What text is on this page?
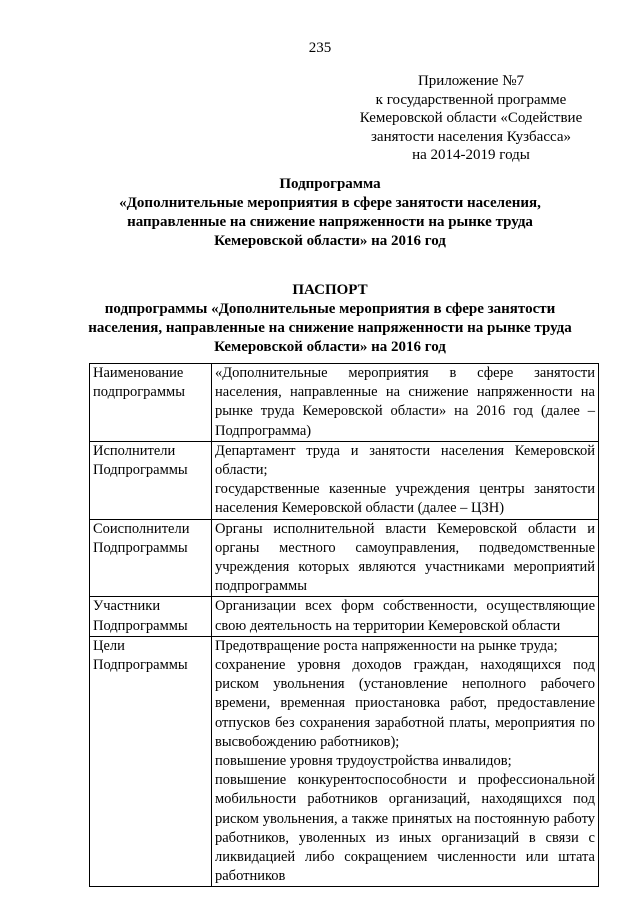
235
Приложение №7
к государственной программе
Кемеровской области «Содействие
занятости населения Кузбасса»
на 2014-2019 годы
Подпрограмма
«Дополнительные мероприятия в сфере занятости населения,
направленные на снижение напряженности на рынке труда
Кемеровской области» на 2016 год
ПАСПОРТ
подпрограммы «Дополнительные мероприятия в сфере занятости
населения, направленные на снижение напряженности на рынке труда
Кемеровской области» на 2016 год
Наименование подпрограммы	«Дополнительные мероприятия в сфере занятости населения, направленные на снижение напряженности на рынке труда Кемеровской области» на 2016 год (далее – Подпрограмма)

Исполнители Подпрограммы	Департамент труда и занятости населения Кемеровской области;
государственные казенные учреждения центры занятости населения Кемеровской области (далее – ЦЗН)

Соисполнители Подпрограммы	Органы исполнительной власти Кемеровской области и органы местного самоуправления, подведомственные учреждения которых являются участниками мероприятий подпрограммы

Участники Подпрограммы	Организации всех форм собственности, осуществляющие свою деятельность на территории Кемеровской области

Цели Подпрограммы	Предотвращение роста напряженности на рынке труда;
сохранение уровня доходов граждан, находящихся под риском увольнения (установление неполного рабочего времени, временная приостановка работ, предоставление отпусков без сохранения заработной платы, мероприятия по высвобождению работников);
повышение уровня трудоустройства инвалидов;
повышение конкурентоспособности и профессиональной мобильности работников организаций, находящихся под риском увольнения, а также принятых на постоянную работу работников, уволенных из иных организаций в связи с ликвидацией либо сокращением численности или штата работников
